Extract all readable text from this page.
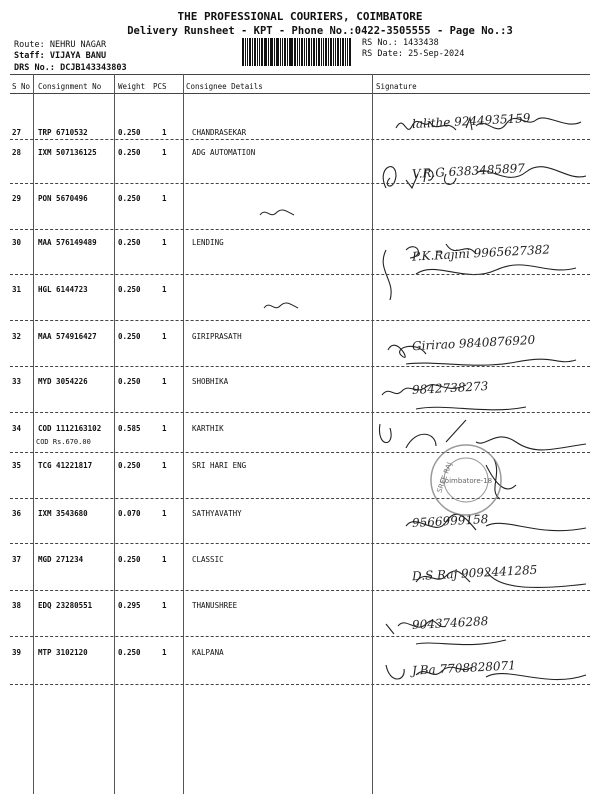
THE PROFESSIONAL COURIERS, COIMBATORE
Delivery Runsheet - KPT - Phone No.:0422-3505555 - Page No.:3
Route: NEHRU NAGAR
Staff: VIJAYA BANU
DRS No.: DCJB143343803
RS No.: 1433438
RS Date: 25-Sep-2024
S No Consignment No Weight PCS	Consignee Details	Signature
27 TRP 6710532	0.250	1	CHANDRASEKAR
lalithe 9244935159
28 IXM 507136125	0.250	1	ADG AUTOMATION
V.R.G 6383485897
29 PON 5670496	0.250	1
30 MAA 576149489	0.250	1	LENDING	P.K.Rajini 9965627382
31 HGL 6144723	0.250	1
32 MAA 574916427	0.250	1	GIRIPRASATH	Girirao 9840876920
33 MYD 3054226	0.250	1	SHOBHIKA	9842738273
34 COD 1112163102 0.585	1	KARTHIK
COD Rs.670.00
35 TCG 41221817	0.250	1	SRI HARI ENG
36 IXM 3543680	0.070	1	SATHYAVATHY	9566999158
37 MGD 271234	0.250	1	CLASSIC
D.S Raj 9092441285
38 EDQ 23280551	0.295	1	THANUSHREE
9043746288
39 MTP 3102120	0.250	1	KALPANA
J.Ba 7708828071
Coimbatore-18
SREE RAJ
